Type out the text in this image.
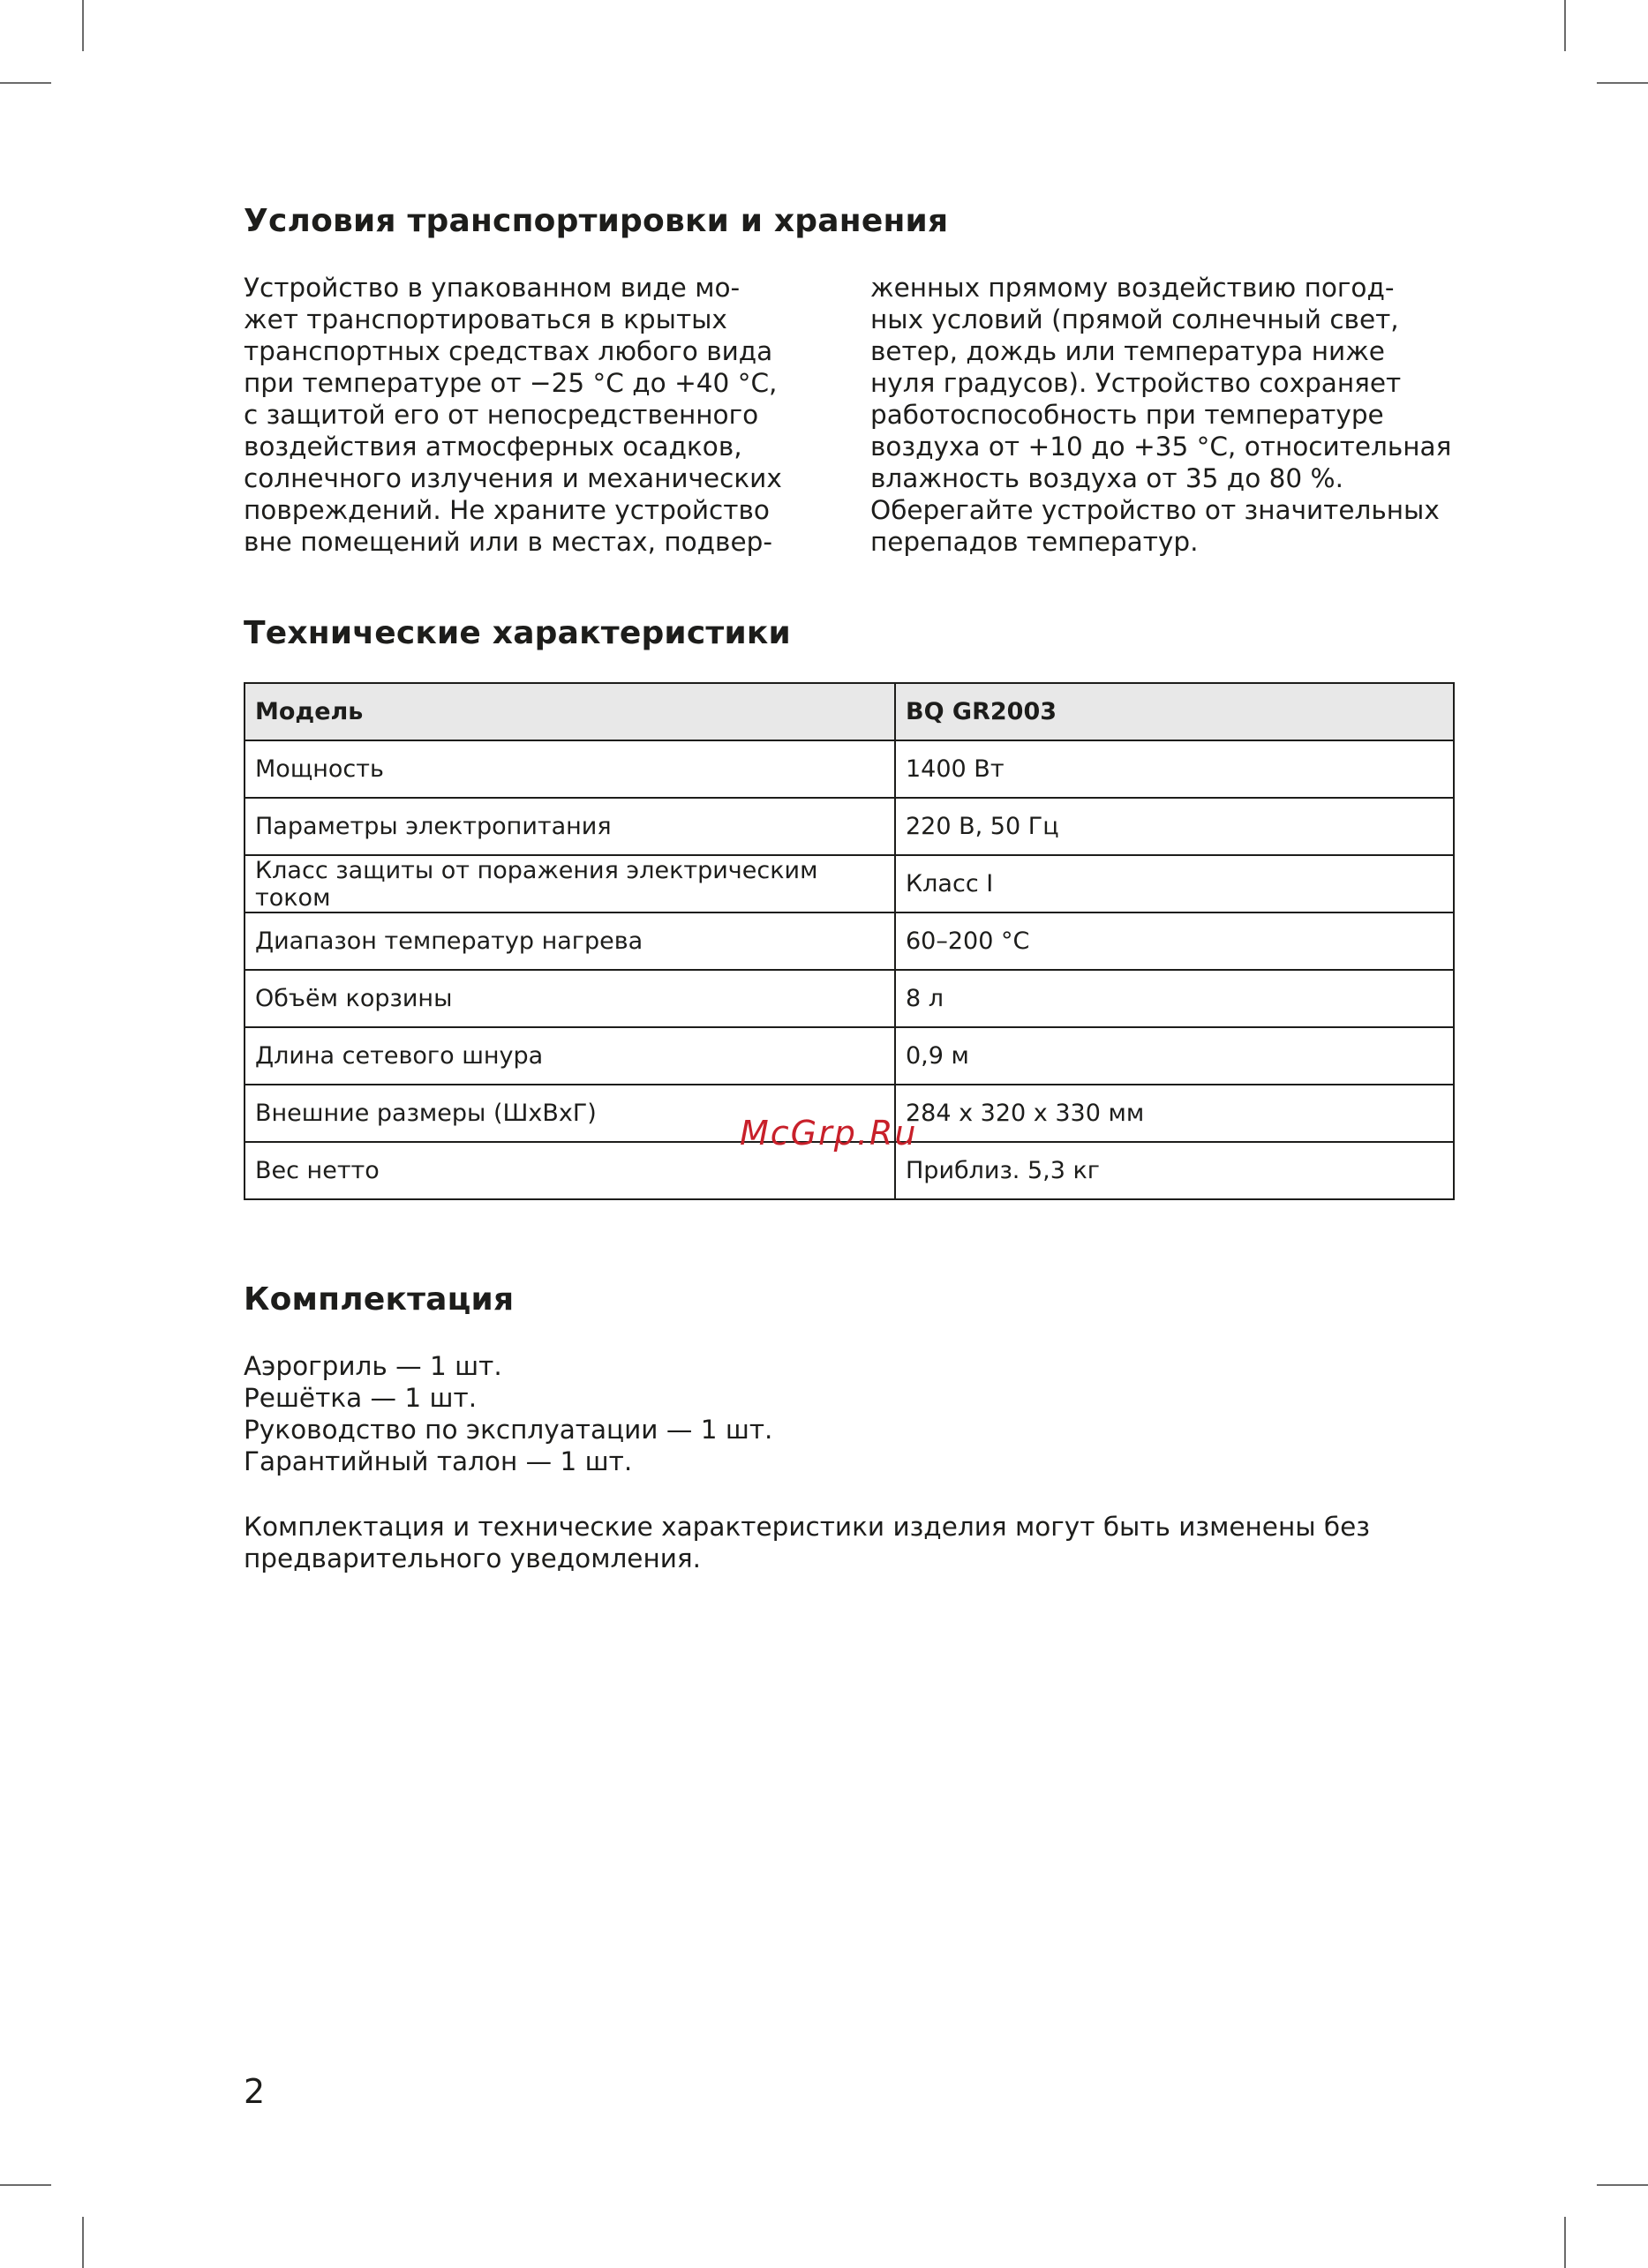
Условия транспортировки и хранения
Устройство в упакованном виде мо-
жет транспортироваться в крытых
транспортных средствах любого вида
при температуре от −25 °С до +40 °С,
с защитой его от непосредственного
воздействия атмосферных осадков,
солнечного излучения и механических
повреждений. Не храните устройство
вне помещений или в местах, подвер-
женных прямому воздействию погод-
ных условий (прямой солнечный свет,
ветер, дождь или температура ниже
нуля градусов). Устройство сохраняет
работоспособность при температуре
воздуха от +10 до +35 °С, относительная
влажность воздуха от 35 до 80 %.
Оберегайте устройство от значительных
перепадов температур.
Технические характеристики
Модель	BQ GR2003
Мощность	1400 Вт
Параметры электропитания	220 В, 50 Гц
Класс защиты от поражения электрическим током	Класс I
Диапазон температур нагрева	60–200 °С
Объём корзины	8 л
Длина сетевого шнура	0,9 м
Внешние размеры (ШхВхГ)	284 х 320 х 330 мм
Вес нетто	Приблиз. 5,3 кг
McGrp.Ru
Комплектация
Аэрогриль — 1 шт.
Решётка — 1 шт.
Руководство по эксплуатации — 1 шт.
Гарантийный талон — 1 шт.
Комплектация и технические характеристики изделия могут быть изменены без
предварительного уведомления.
2
